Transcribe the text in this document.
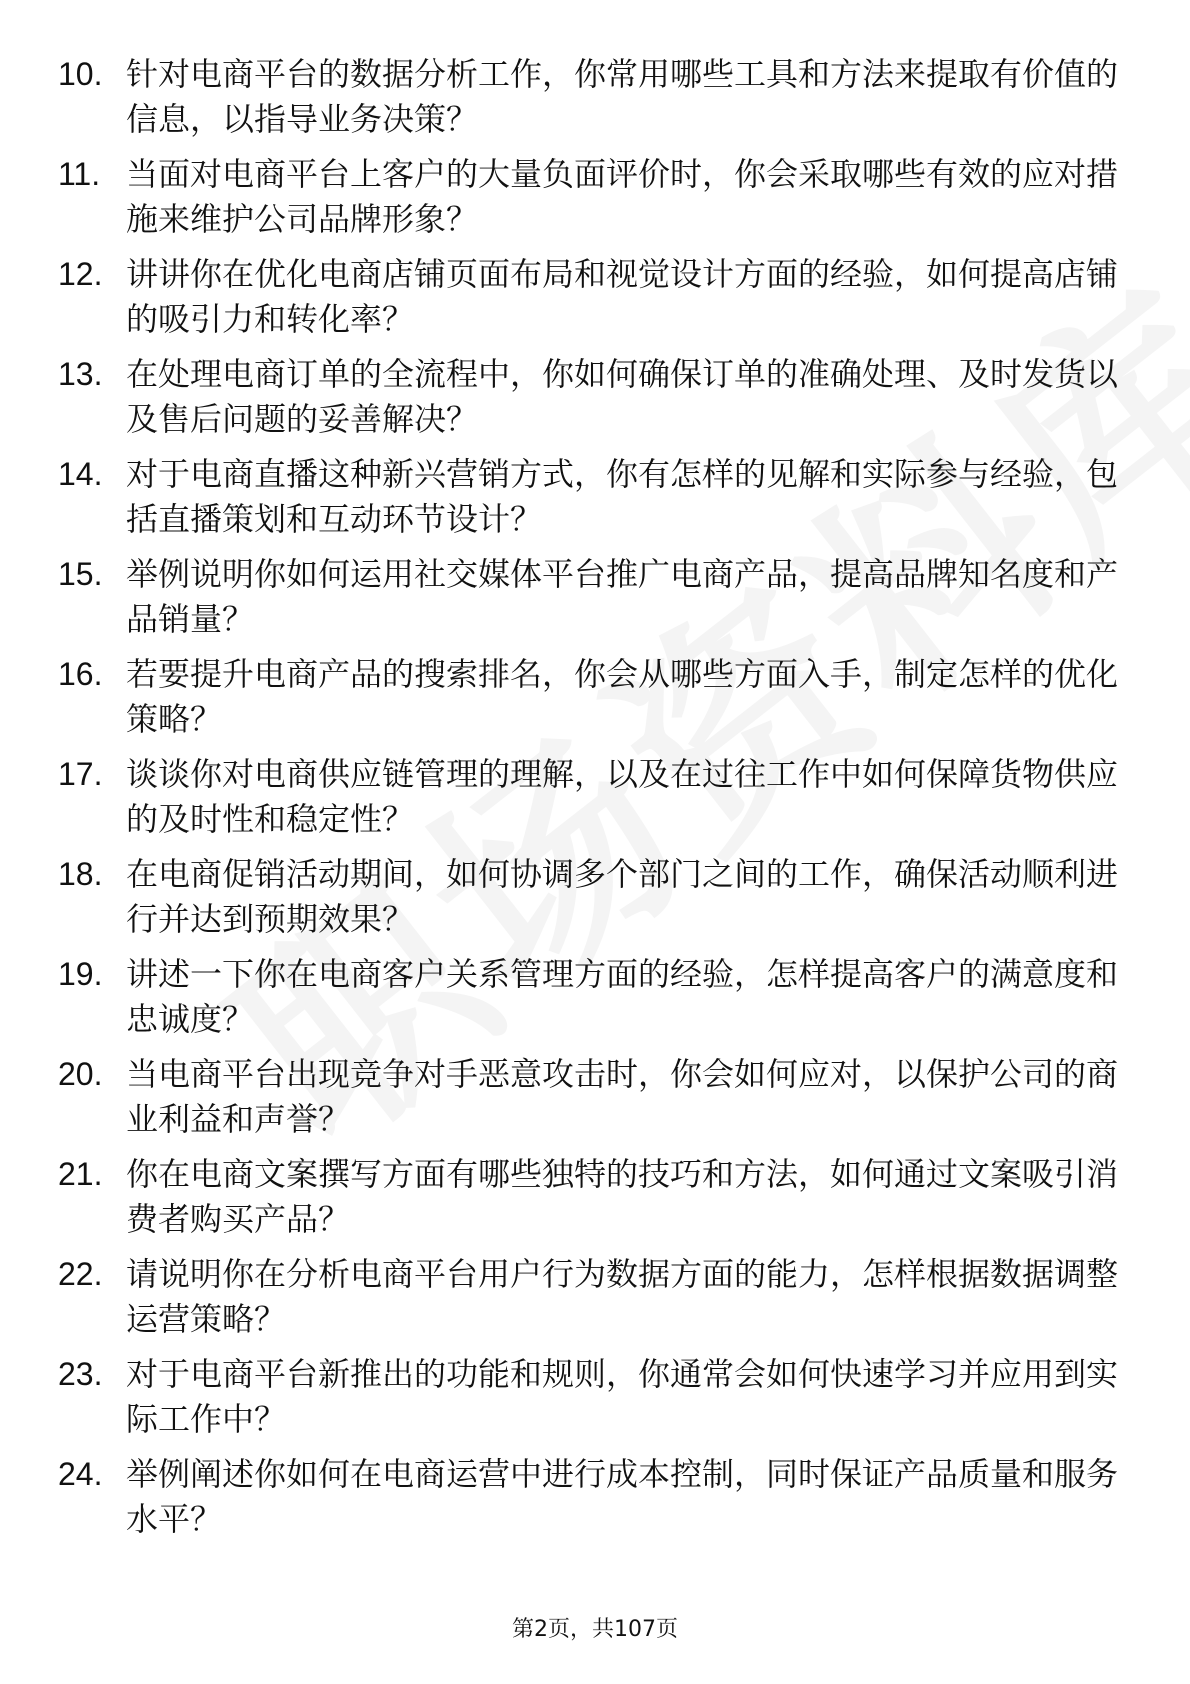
10. 针对电商平台的数据分析工作，你常用哪些工具和方法来提取有价值的信息，以指导业务决策？
11. 当面对电商平台上客户的大量负面评价时，你会采取哪些有效的应对措施来维护公司品牌形象？
12. 讲讲你在优化电商店铺页面布局和视觉设计方面的经验，如何提高店铺的吸引力和转化率？
13. 在处理电商订单的全流程中，你如何确保订单的准确处理、及时发货以及售后问题的妥善解决？
14. 对于电商直播这种新兴营销方式，你有怎样的见解和实际参与经验，包括直播策划和互动环节设计？
15. 举例说明你如何运用社交媒体平台推广电商产品，提高品牌知名度和产品销量？
16. 若要提升电商产品的搜索排名，你会从哪些方面入手，制定怎样的优化策略？
17. 谈谈你对电商供应链管理的理解，以及在过往工作中如何保障货物供应的及时性和稳定性？
18. 在电商促销活动期间，如何协调多个部门之间的工作，确保活动顺利进行并达到预期效果？
19. 讲述一下你在电商客户关系管理方面的经验，怎样提高客户的满意度和忠诚度？
20. 当电商平台出现竞争对手恶意攻击时，你会如何应对，以保护公司的商业利益和声誉？
21. 你在电商文案撰写方面有哪些独特的技巧和方法，如何通过文案吸引消费者购买产品？
22. 请说明你在分析电商平台用户行为数据方面的能力，怎样根据数据调整运营策略？
23. 对于电商平台新推出的功能和规则，你通常会如何快速学习并应用到实际工作中？
24. 举例阐述你如何在电商运营中进行成本控制，同时保证产品质量和服务水平？
第2页，共107页
